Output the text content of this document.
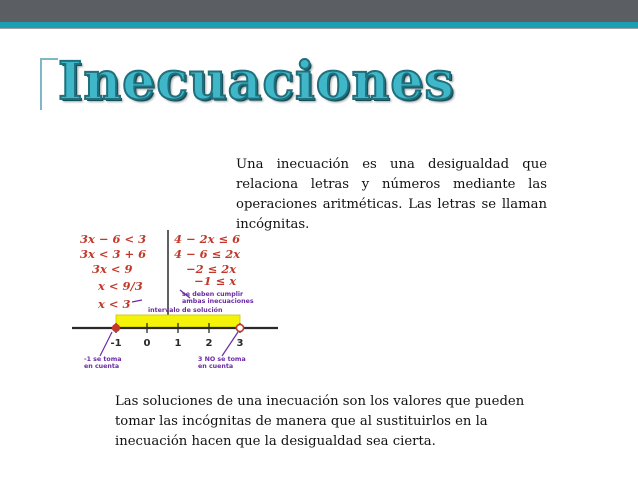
Inecuaciones

Una inecuación es una desigualdad que relaciona letras y números mediante las operaciones aritméticas. Las letras se llaman incógnitas.

3x − 6 < 3
3x < 3 + 6
3x < 9
x < 9/3
x < 3
4 − 2x ≤ 6
4 − 6 ≤ 2x
−2 ≤ 2x
−1 ≤ x
se deben cumplir
ambas inecuaciones
intervalo de solución
-1 0 1 2 3
-1 se toma
en cuenta
3 NO se toma
en cuenta
Las soluciones de una inecuación son los valores que pueden
tomar las incógnitas de manera que al sustituirlos en la
inecuación hacen que la desigualdad sea cierta.
